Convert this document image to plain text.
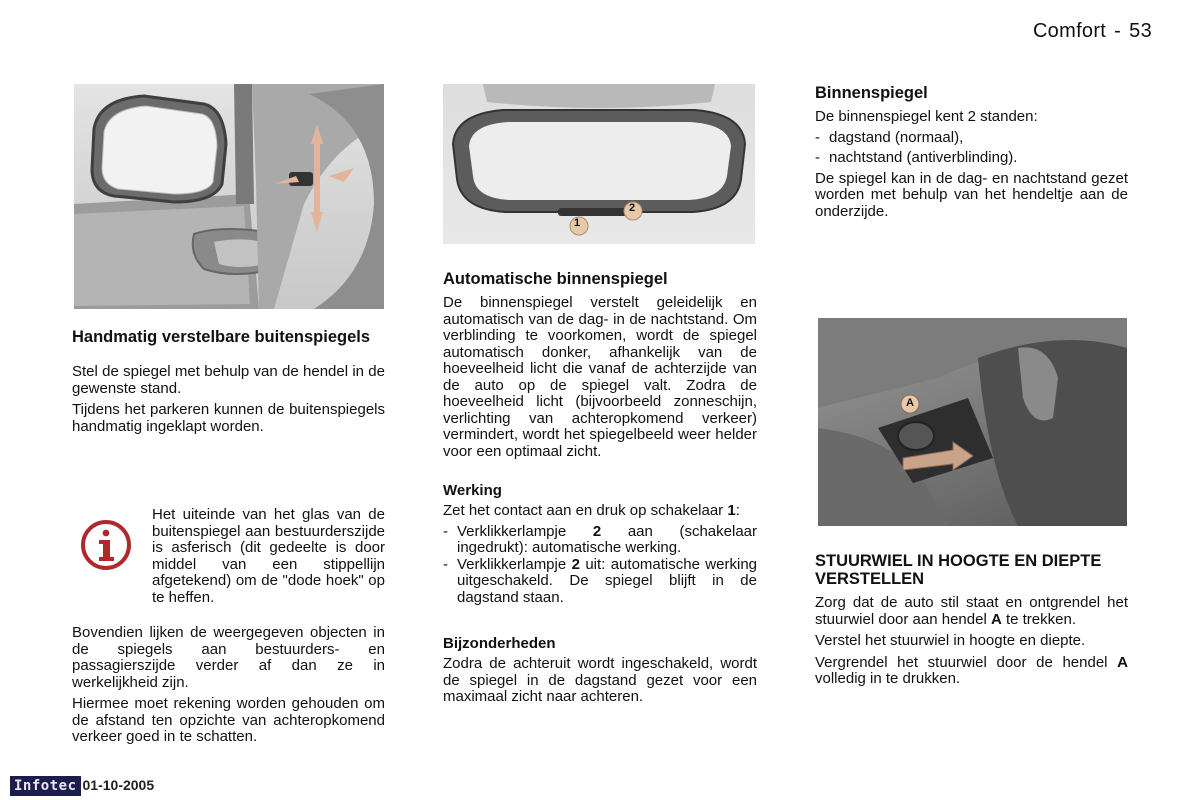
Comfort - 53
Handmatig verstelbare buitenspiegels

Stel de spiegel met behulp van de hendel in de gewenste stand.

Tijdens het parkeren kunnen de buitenspiegels handmatig ingeklapt worden.

Het uiteinde van het glas van de buitenspiegel aan bestuurderszijde is asferisch (dit gedeelte is door middel van een stippellijn afgetekend) om de "dode hoek" op te heffen.

Bovendien lijken de weergegeven objecten in de spiegels aan bestuurders- en passagierszijde verder af dan ze in werkelijkheid zijn.

Hiermee moet rekening worden gehouden om de afstand ten opzichte van achteropkomend verkeer goed in te schatten.

1
2
Automatische binnenspiegel

De binnenspiegel verstelt geleidelijk en automatisch van de dag- in de nachtstand. Om verblinding te voorkomen, wordt de spiegel automatisch donker, afhankelijk van de hoeveelheid licht die vanaf de achterzijde van de auto op de spiegel valt. Zodra de hoeveelheid licht (bijvoorbeeld zonneschijn, verlichting van achteropkomend verkeer) vermindert, wordt het spiegelbeeld weer helder voor een optimaal zicht.

Werking

Zet het contact aan en druk op schakelaar 1:

- Verklikkerlampje 2 aan (schakelaar ingedrukt): automatische werking.
- Verklikkerlampje 2 uit: automatische werking uitgeschakeld. De spiegel blijft in de dagstand staan.
Bijzonderheden

Zodra de achteruit wordt ingeschakeld, wordt de spiegel in de dagstand gezet voor een maximaal zicht naar achteren.

Binnenspiegel

De binnenspiegel kent 2 standen:

- dagstand (normaal),
- nachtstand (antiverblinding).

De spiegel kan in de dag- en nachtstand gezet worden met behulp van het hendeltje aan de onderzijde.

A
STUURWIEL IN HOOGTE EN DIEPTE VERSTELLEN

Zorg dat de auto stil staat en ontgrendel het stuurwiel door aan hendel A te trekken.

Verstel het stuurwiel in hoogte en diepte.

Vergrendel het stuurwiel door de hendel A volledig in te drukken.

Infotec 01-10-2005
